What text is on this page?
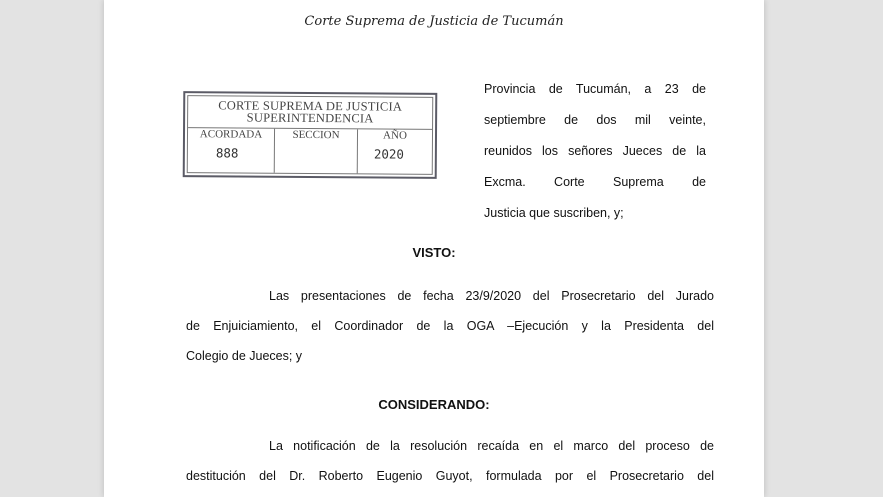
Corte Suprema de Justicia de Tucumán
CORTE SUPREMA DE JUSTICIA
SUPERINTENDENCIA
ACORDADA
888
SECCION	AÑO
2020
Provincia de Tucumán, a 23 de
septiembre de dos mil veinte,
reunidos los señores Jueces de la
Excma. Corte Suprema de
Justicia que suscriben, y;
VISTO:
Las presentaciones de fecha 23/9/2020 del Prosecretario del Jurado
de Enjuiciamiento, el Coordinador de la OGA –Ejecución y la Presidenta del
Colegio de Jueces; y
CONSIDERANDO:
La notificación de la resolución recaída en el marco del proceso de
destitución del Dr. Roberto Eugenio Guyot, formulada por el Prosecretario del
